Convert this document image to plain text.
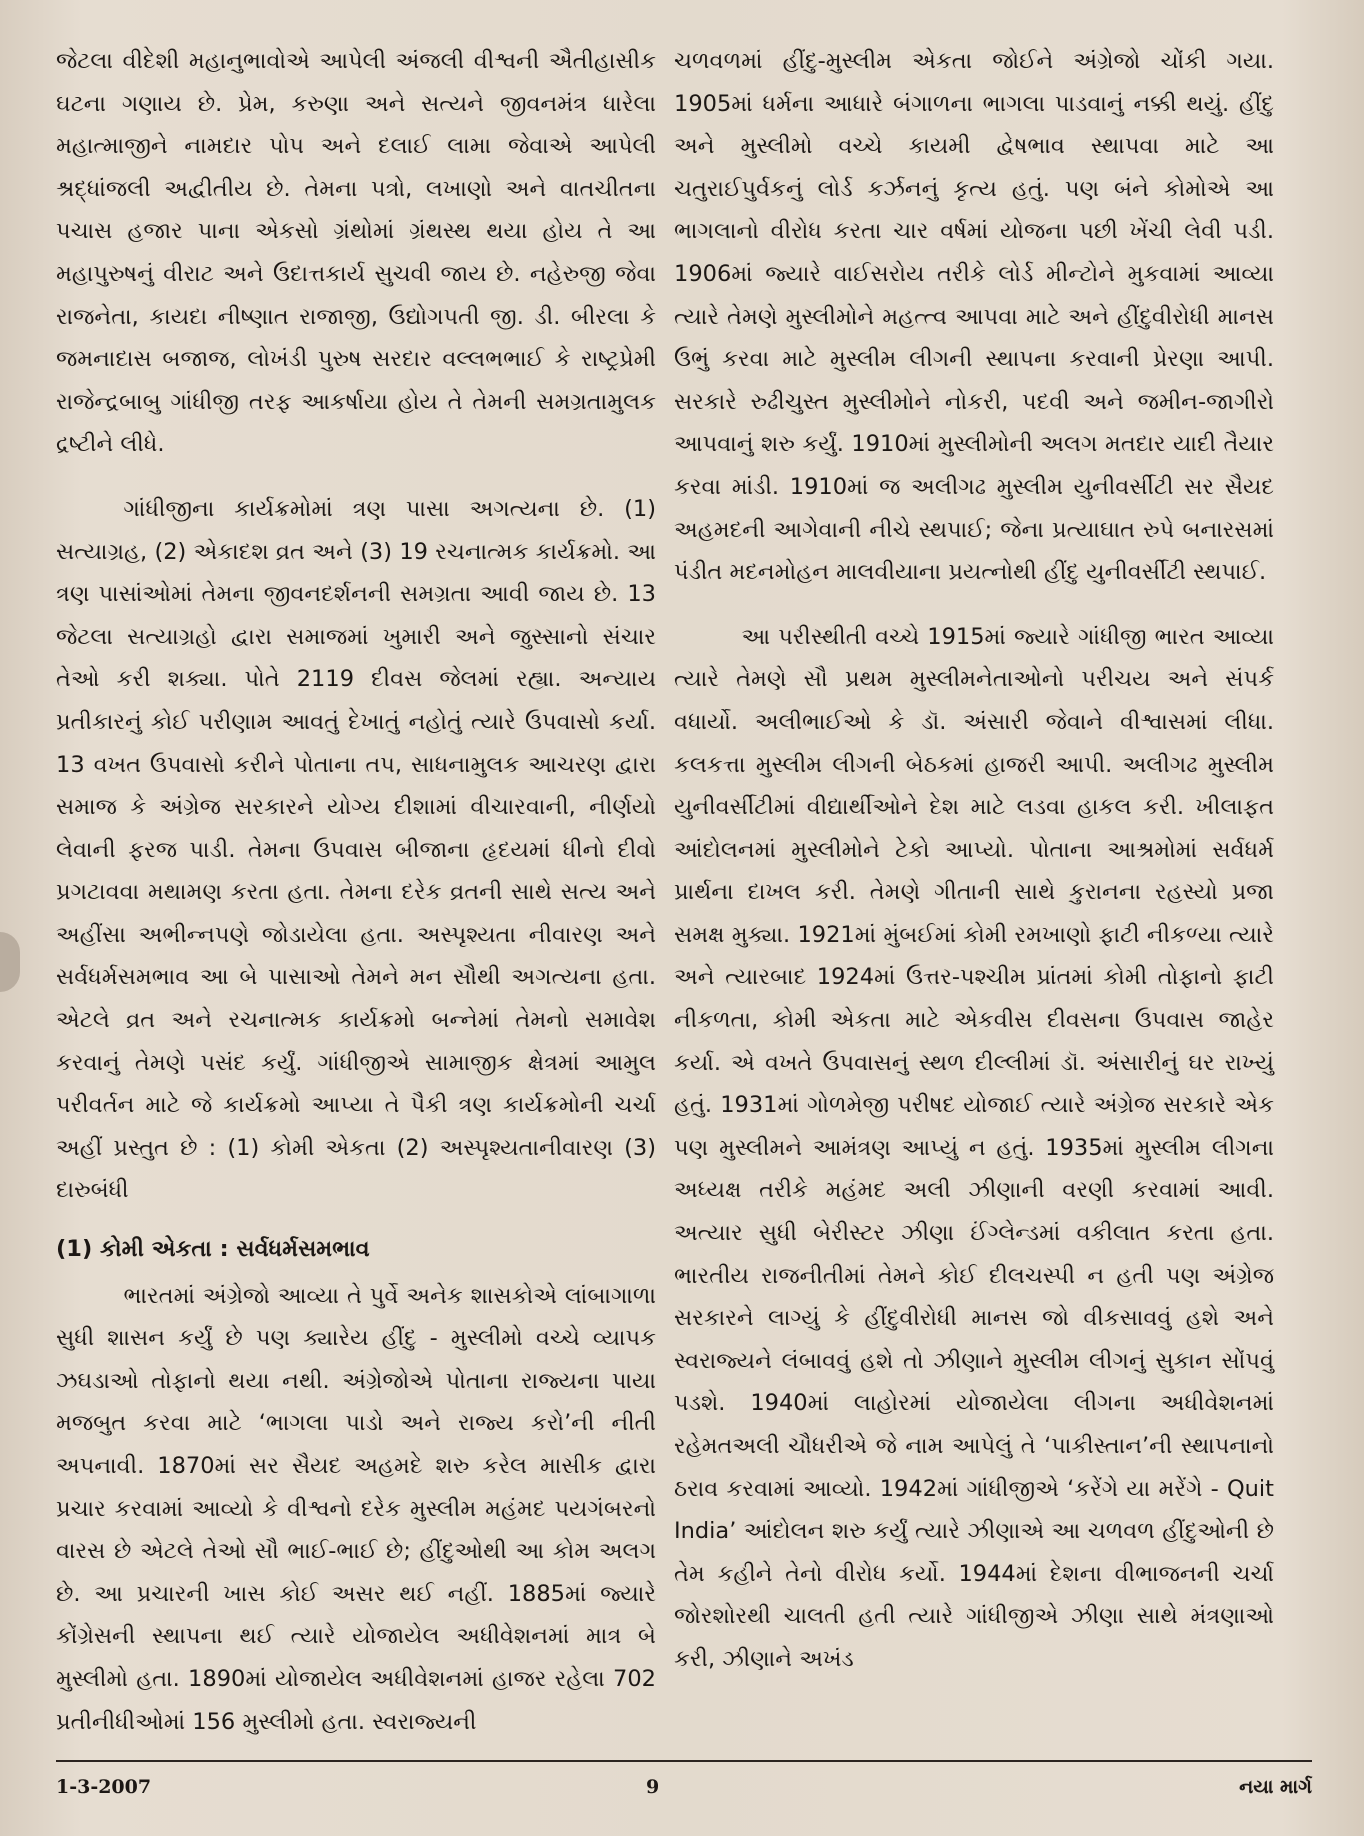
જેટલા વીદેશી મહાનુભાવોએ આપેલી અંજલી વીશ્વની ઐતીહાસીક ઘટના ગણાય છે. પ્રેમ, કરુણા અને સત્યને જીવનમંત્ર ધારેલા મહાત્માજીને નામદાર પોપ અને દલાઈ લામા જેવાએ આપેલી શ્રદ્ધાંજલી અદ્વીતીય છે. તેમના પત્રો, લખાણો અને વાતચીતના પચાસ હજાર પાના એકસો ગ્રંથોમાં ગ્રંથસ્થ થયા હોય તે આ મહાપુરુષનું વીરાટ અને ઉદાત્તકાર્ય સુચવી જાય છે. નહેરુજી જેવા રાજનેતા, કાયદા નીષ્ણાત રાજાજી, ઉદ્યોગપતી જી. ડી. બીરલા કે જમનાદાસ બજાજ, લોખંડી પુરુષ સરદાર વલ્લભભાઈ કે રાષ્ટ્રપ્રેમી રાજેન્દ્રબાબુ ગાંધીજી તરફ આકર્ષાયા હોય તે તેમની સમગ્રતામુલક દ્રષ્ટીને લીધે.

ગાંધીજીના કાર્યક્રમોમાં ત્રણ પાસા અગત્યના છે. (1) સત્યાગ્રહ, (2) એકાદશ વ્રત અને (3) 19 રચનાત્મક કાર્યક્રમો. આ ત્રણ પાસાંઓમાં તેમના જીવનદર્શનની સમગ્રતા આવી જાય છે. 13 જેટલા સત્યાગ્રહો દ્વારા સમાજમાં ખુમારી અને જુસ્સાનો સંચાર તેઓ કરી શક્યા. પોતે 2119 દીવસ જેલમાં રહ્યા. અન્યાય પ્રતીકારનું કોઈ પરીણામ આવતું દેખાતું નહોતું ત્યારે ઉપવાસો કર્યા. 13 વખત ઉપવાસો કરીને પોતાના તપ, સાધનામુલક આચરણ દ્વારા સમાજ કે અંગ્રેજ સરકારને યોગ્ય દીશામાં વીચારવાની, નીર્ણયો લેવાની ફરજ પાડી. તેમના ઉપવાસ બીજાના હૃદયમાં ધીનો દીવો પ્રગટાવવા મથામણ કરતા હતા. તેમના દરેક વ્રતની સાથે સત્ય અને અહીંસા અભીન્નપણે જોડાયેલા હતા. અસ્પૃશ્યતા નીવારણ અને સર્વધર્મસમભાવ આ બે પાસાઓ તેમને મન સૌથી અગત્યના હતા. એટલે વ્રત અને રચનાત્મક કાર્યક્રમો બન્નેમાં તેમનો સમાવેશ કરવાનું તેમણે પસંદ કર્યું. ગાંધીજીએ સામાજીક ક્ષેત્રમાં આમુલ પરીવર્તન માટે જે કાર્યક્રમો આપ્યા તે પૈકી ત્રણ કાર્યક્રમોની ચર્ચા અહીં પ્રસ્તુત છે : (1) કોમી એકતા (2) અસ્પૃશ્યતાનીવારણ (3) દારુબંધી

(1) કોમી એકતા : સર્વધર્મસમભાવ

ભારતમાં અંગ્રેજો આવ્યા તે પુર્વે અનેક શાસકોએ લાંબાગાળા સુધી શાસન કર્યું છે પણ ક્યારેય હીંદુ - મુસ્લીમો વચ્ચે વ્યાપક ઝઘડાઓ તોફાનો થયા નથી. અંગ્રેજોએ પોતાના રાજ્યના પાયા મજબુત કરવા માટે ‘ભાગલા પાડો અને રાજ્ય કરો’ની નીતી અપનાવી. 1870માં સર સૈયદ અહમદે શરુ કરેલ માસીક દ્વારા પ્રચાર કરવામાં આવ્યો કે વીશ્વનો દરેક મુસ્લીમ મહંમદ પયગંબરનો વારસ છે એટલે તેઓ સૌ ભાઈ-ભાઈ છે; હીંદુઓથી આ કોમ અલગ છે. આ પ્રચારની ખાસ કોઈ અસર થઈ નહીં. 1885માં જ્યારે કોંગ્રેસની સ્થાપના થઈ ત્યારે યોજાયેલ અધીવેશનમાં માત્ર બે મુસ્લીમો હતા. 1890માં યોજાયેલ અધીવેશનમાં હાજર રહેલા 702 પ્રતીનીધીઓમાં 156 મુસ્લીમો હતા. સ્વરાજ્યની

ચળવળમાં હીંદુ-મુસ્લીમ એકતા જોઈને અંગ્રેજો ચોંકી ગયા. 1905માં ધર્મના આધારે બંગાળના ભાગલા પાડવાનું નક્કી થયું. હીંદુ અને મુસ્લીમો વચ્ચે કાયમી દ્વેષભાવ સ્થાપવા માટે આ ચતુરાઈપુર્વકનું લોર્ડ કર્ઝનનું કૃત્ય હતું. પણ બંને કોમોએ આ ભાગલાનો વીરોધ કરતા ચાર વર્ષમાં યોજના પછી ખેંચી લેવી પડી. 1906માં જ્યારે વાઈસરોય તરીકે લોર્ડ મીન્ટોને મુકવામાં આવ્યા ત્યારે તેમણે મુસ્લીમોને મહત્ત્વ આપવા માટે અને હીંદુવીરોધી માનસ ઉભું કરવા માટે મુસ્લીમ લીગની સ્થાપના કરવાની પ્રેરણા આપી. સરકારે રુઢીચુસ્ત મુસ્લીમોને નોકરી, પદવી અને જમીન-જાગીરો આપવાનું શરુ કર્યું. 1910માં મુસ્લીમોની અલગ મતદાર યાદી તૈયાર કરવા માંડી. 1910માં જ અલીગઢ મુસ્લીમ યુનીવર્સીટી સર સૈયદ અહમદની આગેવાની નીચે સ્થપાઈ; જેના પ્રત્યાઘાત રુપે બનારસમાં પંડીત મદનમોહન માલવીયાના પ્રયત્નોથી હીંદુ યુનીવર્સીટી સ્થપાઈ.

આ પરીસ્થીતી વચ્ચે 1915માં જ્યારે ગાંધીજી ભારત આવ્યા ત્યારે તેમણે સૌ પ્રથમ મુસ્લીમનેતાઓનો પરીચય અને સંપર્ક વધાર્યો. અલીભાઈઓ કે ડૉ. અંસારી જેવાને વીશ્વાસમાં લીધા. કલકત્તા મુસ્લીમ લીગની બેઠકમાં હાજરી આપી. અલીગઢ મુસ્લીમ યુનીવર્સીટીમાં વીદ્યાર્થીઓને દેશ માટે લડવા હાકલ કરી. ખીલાફત આંદોલનમાં મુસ્લીમોને ટેકો આપ્યો. પોતાના આશ્રમોમાં સર્વધર્મ પ્રાર્થના દાખલ કરી. તેમણે ગીતાની સાથે કુરાનના રહસ્યો પ્રજા સમક્ષ મુક્યા. 1921માં મુંબઈમાં કોમી રમખાણો ફાટી નીકળ્યા ત્યારે અને ત્યારબાદ 1924માં ઉત્તર-પશ્ચીમ પ્રાંતમાં કોમી તોફાનો ફાટી નીકળતા, કોમી એકતા માટે એકવીસ દીવસના ઉપવાસ જાહેર કર્યા. એ વખતે ઉપવાસનું સ્થળ દીલ્લીમાં ડૉ. અંસારીનું ઘર રાખ્યું હતું. 1931માં ગોળમેજી પરીષદ યોજાઈ ત્યારે અંગ્રેજ સરકારે એક પણ મુસ્લીમને આમંત્રણ આપ્યું ન હતું. 1935માં મુસ્લીમ લીગના અધ્યક્ષ તરીકે મહંમદ અલી ઝીણાની વરણી કરવામાં આવી. અત્યાર સુધી બેરીસ્ટર ઝીણા ઈંગ્લેન્ડમાં વકીલાત કરતા હતા. ભારતીય રાજનીતીમાં તેમને કોઈ દીલચસ્પી ન હતી પણ અંગ્રેજ સરકારને લાગ્યું કે હીંદુવીરોધી માનસ જો વીકસાવવું હશે અને સ્વરાજ્યને લંબાવવું હશે તો ઝીણાને મુસ્લીમ લીગનું સુકાન સોંપવું પડશે. 1940માં લાહોરમાં યોજાયેલા લીગના અધીવેશનમાં રહેમતઅલી ચૌધરીએ જે નામ આપેલું તે ‘પાકીસ્તાન’ની સ્થાપનાનો ઠરાવ કરવામાં આવ્યો. 1942માં ગાંધીજીએ ‘કરેંગે યા મરેંગે - Quit India’ આંદોલન શરુ કર્યું ત્યારે ઝીણાએ આ ચળવળ હીંદુઓની છે તેમ કહીને તેનો વીરોધ કર્યો. 1944માં દેશના વીભાજનની ચર્ચા જોરશોરથી ચાલતી હતી ત્યારે ગાંધીજીએ ઝીણા સાથે મંત્રણાઓ કરી, ઝીણાને અખંડ

1-3-2007	9	નયા માર્ગ
